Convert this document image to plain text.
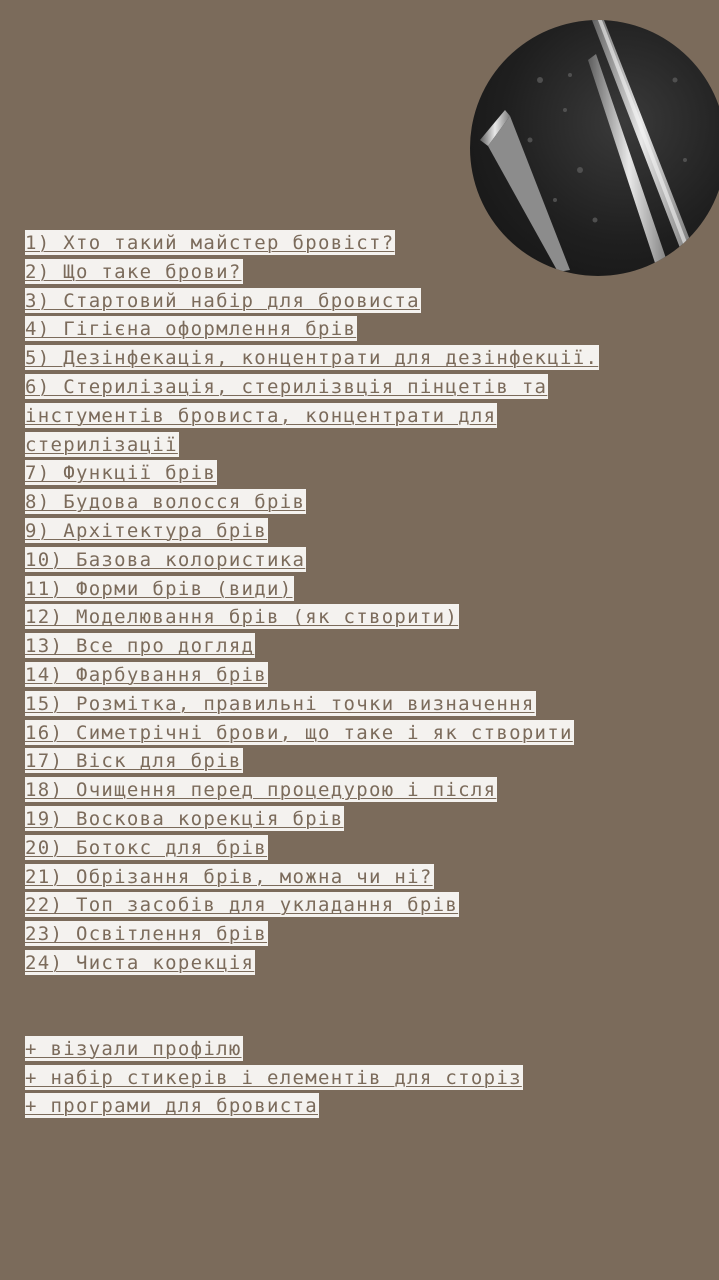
1) Хто такий майстер бровіст?
2) Що таке брови?
3) Стартовий набір для бровиста
4) Гігієна оформлення брів
5) Дезінфекація, концентрати для дезінфекції.
6) Стерилізація, стерилізвція пінцетів та
інстументів бровиста, концентрати для
стерилізації
7) Функції брів
8) Будова волосся брів
9) Архітектура брів
10) Базова колористика
11) Форми брів (види)
12) Моделювання брів (як створити)
13) Все про догляд
14) Фарбування брів
15) Розмітка, правильні точки визначення
16) Симетрічні брови, що таке і як створити
17) Віск для брів
18) Очищення перед процедурою і після
19) Воскова корекція брів
20) Ботокс для брів
21) Обрізання брів, можна чи ні?
22) Топ засобів для укладання брів
23) Освітлення брів
24) Чиста корекція
+ візуали профілю
+ набір стикерів і елементів для сторіз
+ програми для бровиста
